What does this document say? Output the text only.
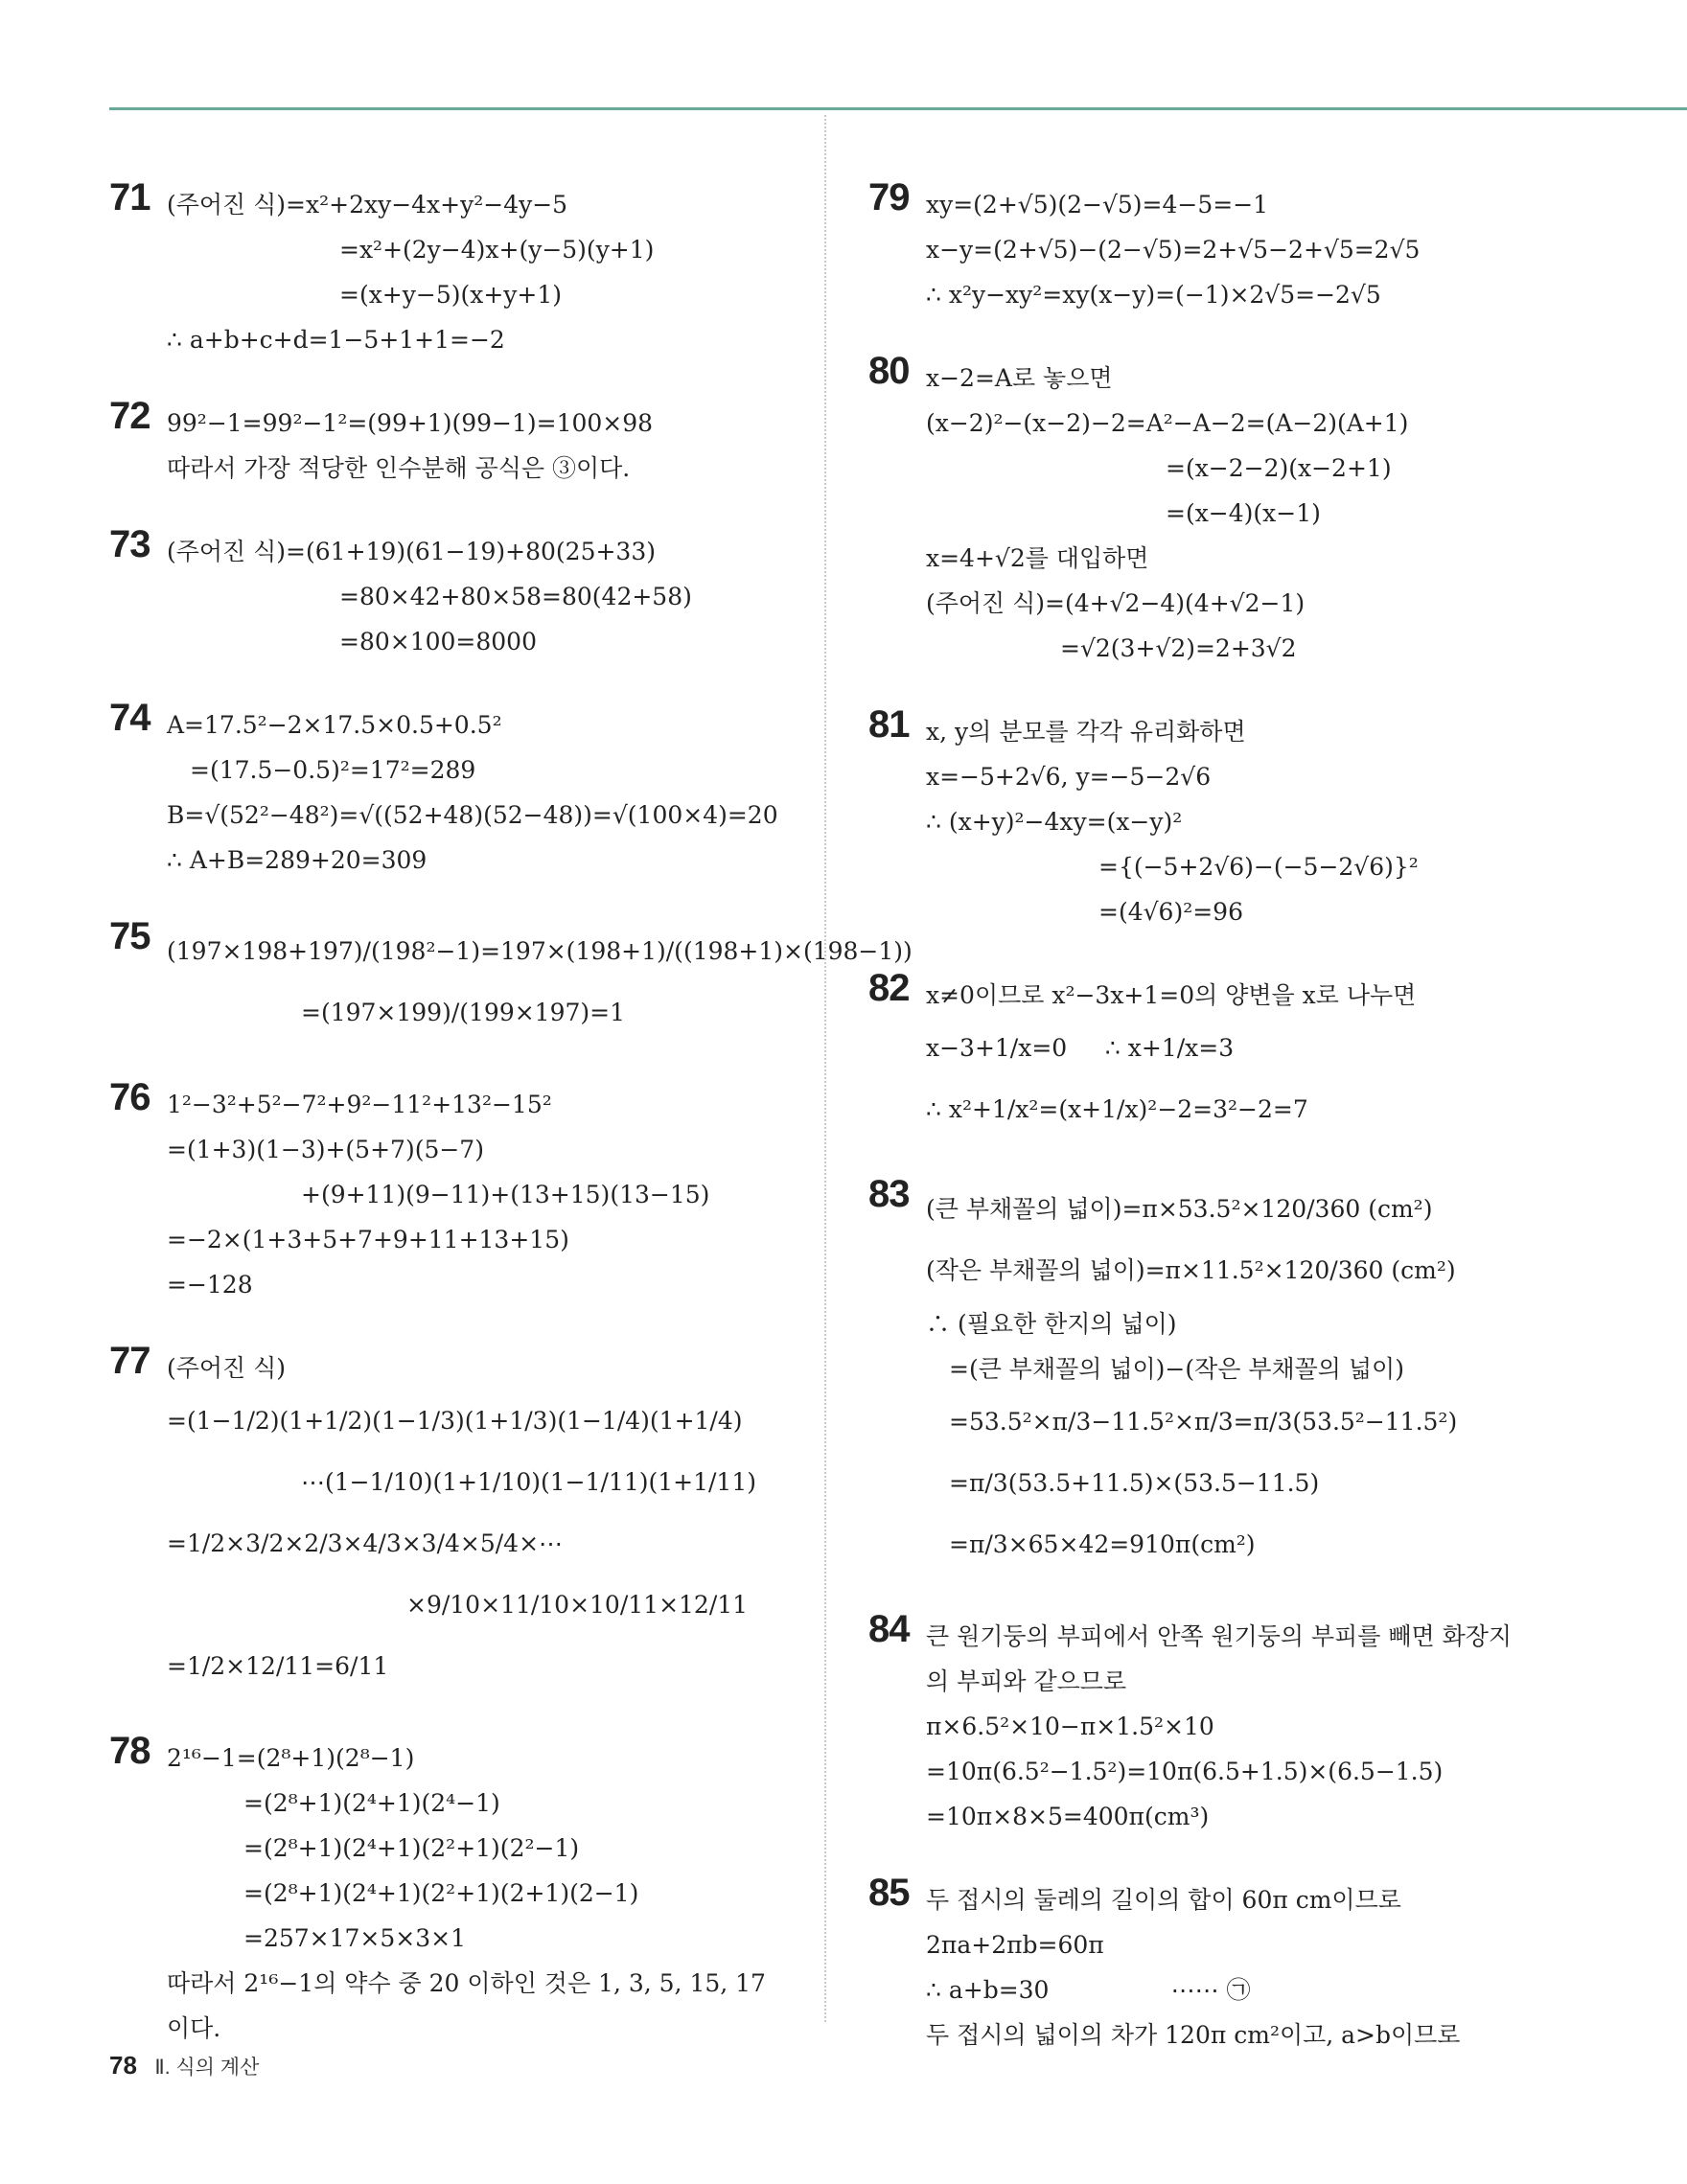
71 (주어진 식)=x²+2xy−4x+y²−4y−5
=x²+(2y−4)x+(y−5)(y+1)
=(x+y−5)(x+y+1)
∴ a+b+c+d=1−5+1+1=−2
72 99²−1=99²−1²=(99+1)(99−1)=100×98
따라서 가장 적당한 인수분해 공식은 ③이다.
73 (주어진 식)=(61+19)(61−19)+80(25+33)
=80×42+80×58=80(42+58)
=80×100=8000
74 A=17.5²−2×17.5×0.5+0.5²
=(17.5−0.5)²=17²=289
B=√(52²−48²)=√((52+48)(52−48))=√(100×4)=20
∴ A+B=289+20=309
75 (197×198+197)/(198²−1)=197×(198+1)/((198+1)×(198−1))
=(197×199)/(199×197)=1
76 1²−3²+5²−7²+9²−11²+13²−15²
=(1+3)(1−3)+(5+7)(5−7)
+(9+11)(9−11)+(13+15)(13−15)
=−2×(1+3+5+7+9+11+13+15)
=−128
77 (주어진 식)
=(1−1/2)(1+1/2)(1−1/3)(1+1/3)(1−1/4)(1+1/4)
⋯(1−1/10)(1+1/10)(1−1/11)(1+1/11)
=1/2×3/2×2/3×4/3×3/4×5/4×⋯
×9/10×11/10×10/11×12/11
=1/2×12/11=6/11
78 2¹⁶−1=(2⁸+1)(2⁸−1)
=(2⁸+1)(2⁴+1)(2⁴−1)
=(2⁸+1)(2⁴+1)(2²+1)(2²−1)
=(2⁸+1)(2⁴+1)(2²+1)(2+1)(2−1)
=257×17×5×3×1
따라서 2¹⁶−1의 약수 중 20 이하인 것은 1, 3, 5, 15, 17
이다.
79 xy=(2+√5)(2−√5)=4−5=−1
x−y=(2+√5)−(2−√5)=2+√5−2+√5=2√5
∴ x²y−xy²=xy(x−y)=(−1)×2√5=−2√5
80 x−2=A로 놓으면
(x−2)²−(x−2)−2=A²−A−2=(A−2)(A+1)
=(x−2−2)(x−2+1)
=(x−4)(x−1)
x=4+√2를 대입하면
(주어진 식)=(4+√2−4)(4+√2−1)
=√2(3+√2)=2+3√2
81 x, y의 분모를 각각 유리화하면
x=−5+2√6, y=−5−2√6
∴ (x+y)²−4xy=(x−y)²
={(−5+2√6)−(−5−2√6)}²
=(4√6)²=96
82 x≠0이므로 x²−3x+1=0의 양변을 x로 나누면
x−3+1/x=0     ∴ x+1/x=3
∴ x²+1/x²=(x+1/x)²−2=3²−2=7
83 (큰 부채꼴의 넓이)=π×53.5²×120/360 (cm²)
(작은 부채꼴의 넓이)=π×11.5²×120/360 (cm²)
∴ (필요한 한지의 넓이)
=(큰 부채꼴의 넓이)−(작은 부채꼴의 넓이)
=53.5²×π/3−11.5²×π/3=π/3(53.5²−11.5²)
=π/3(53.5+11.5)×(53.5−11.5)
=π/3×65×42=910π(cm²)
84 큰 원기둥의 부피에서 안쪽 원기둥의 부피를 빼면 화장지
의 부피와 같으므로
π×6.5²×10−π×1.5²×10
=10π(6.5²−1.5²)=10π(6.5+1.5)×(6.5−1.5)
=10π×8×5=400π(cm³)
85 두 접시의 둘레의 길이의 합이 60π cm이므로
2πa+2πb=60π
∴ a+b=30                ⋯⋯ ㉠
두 접시의 넓이의 차가 120π cm²이고, a>b이므로
78 Ⅱ. 식의 계산
